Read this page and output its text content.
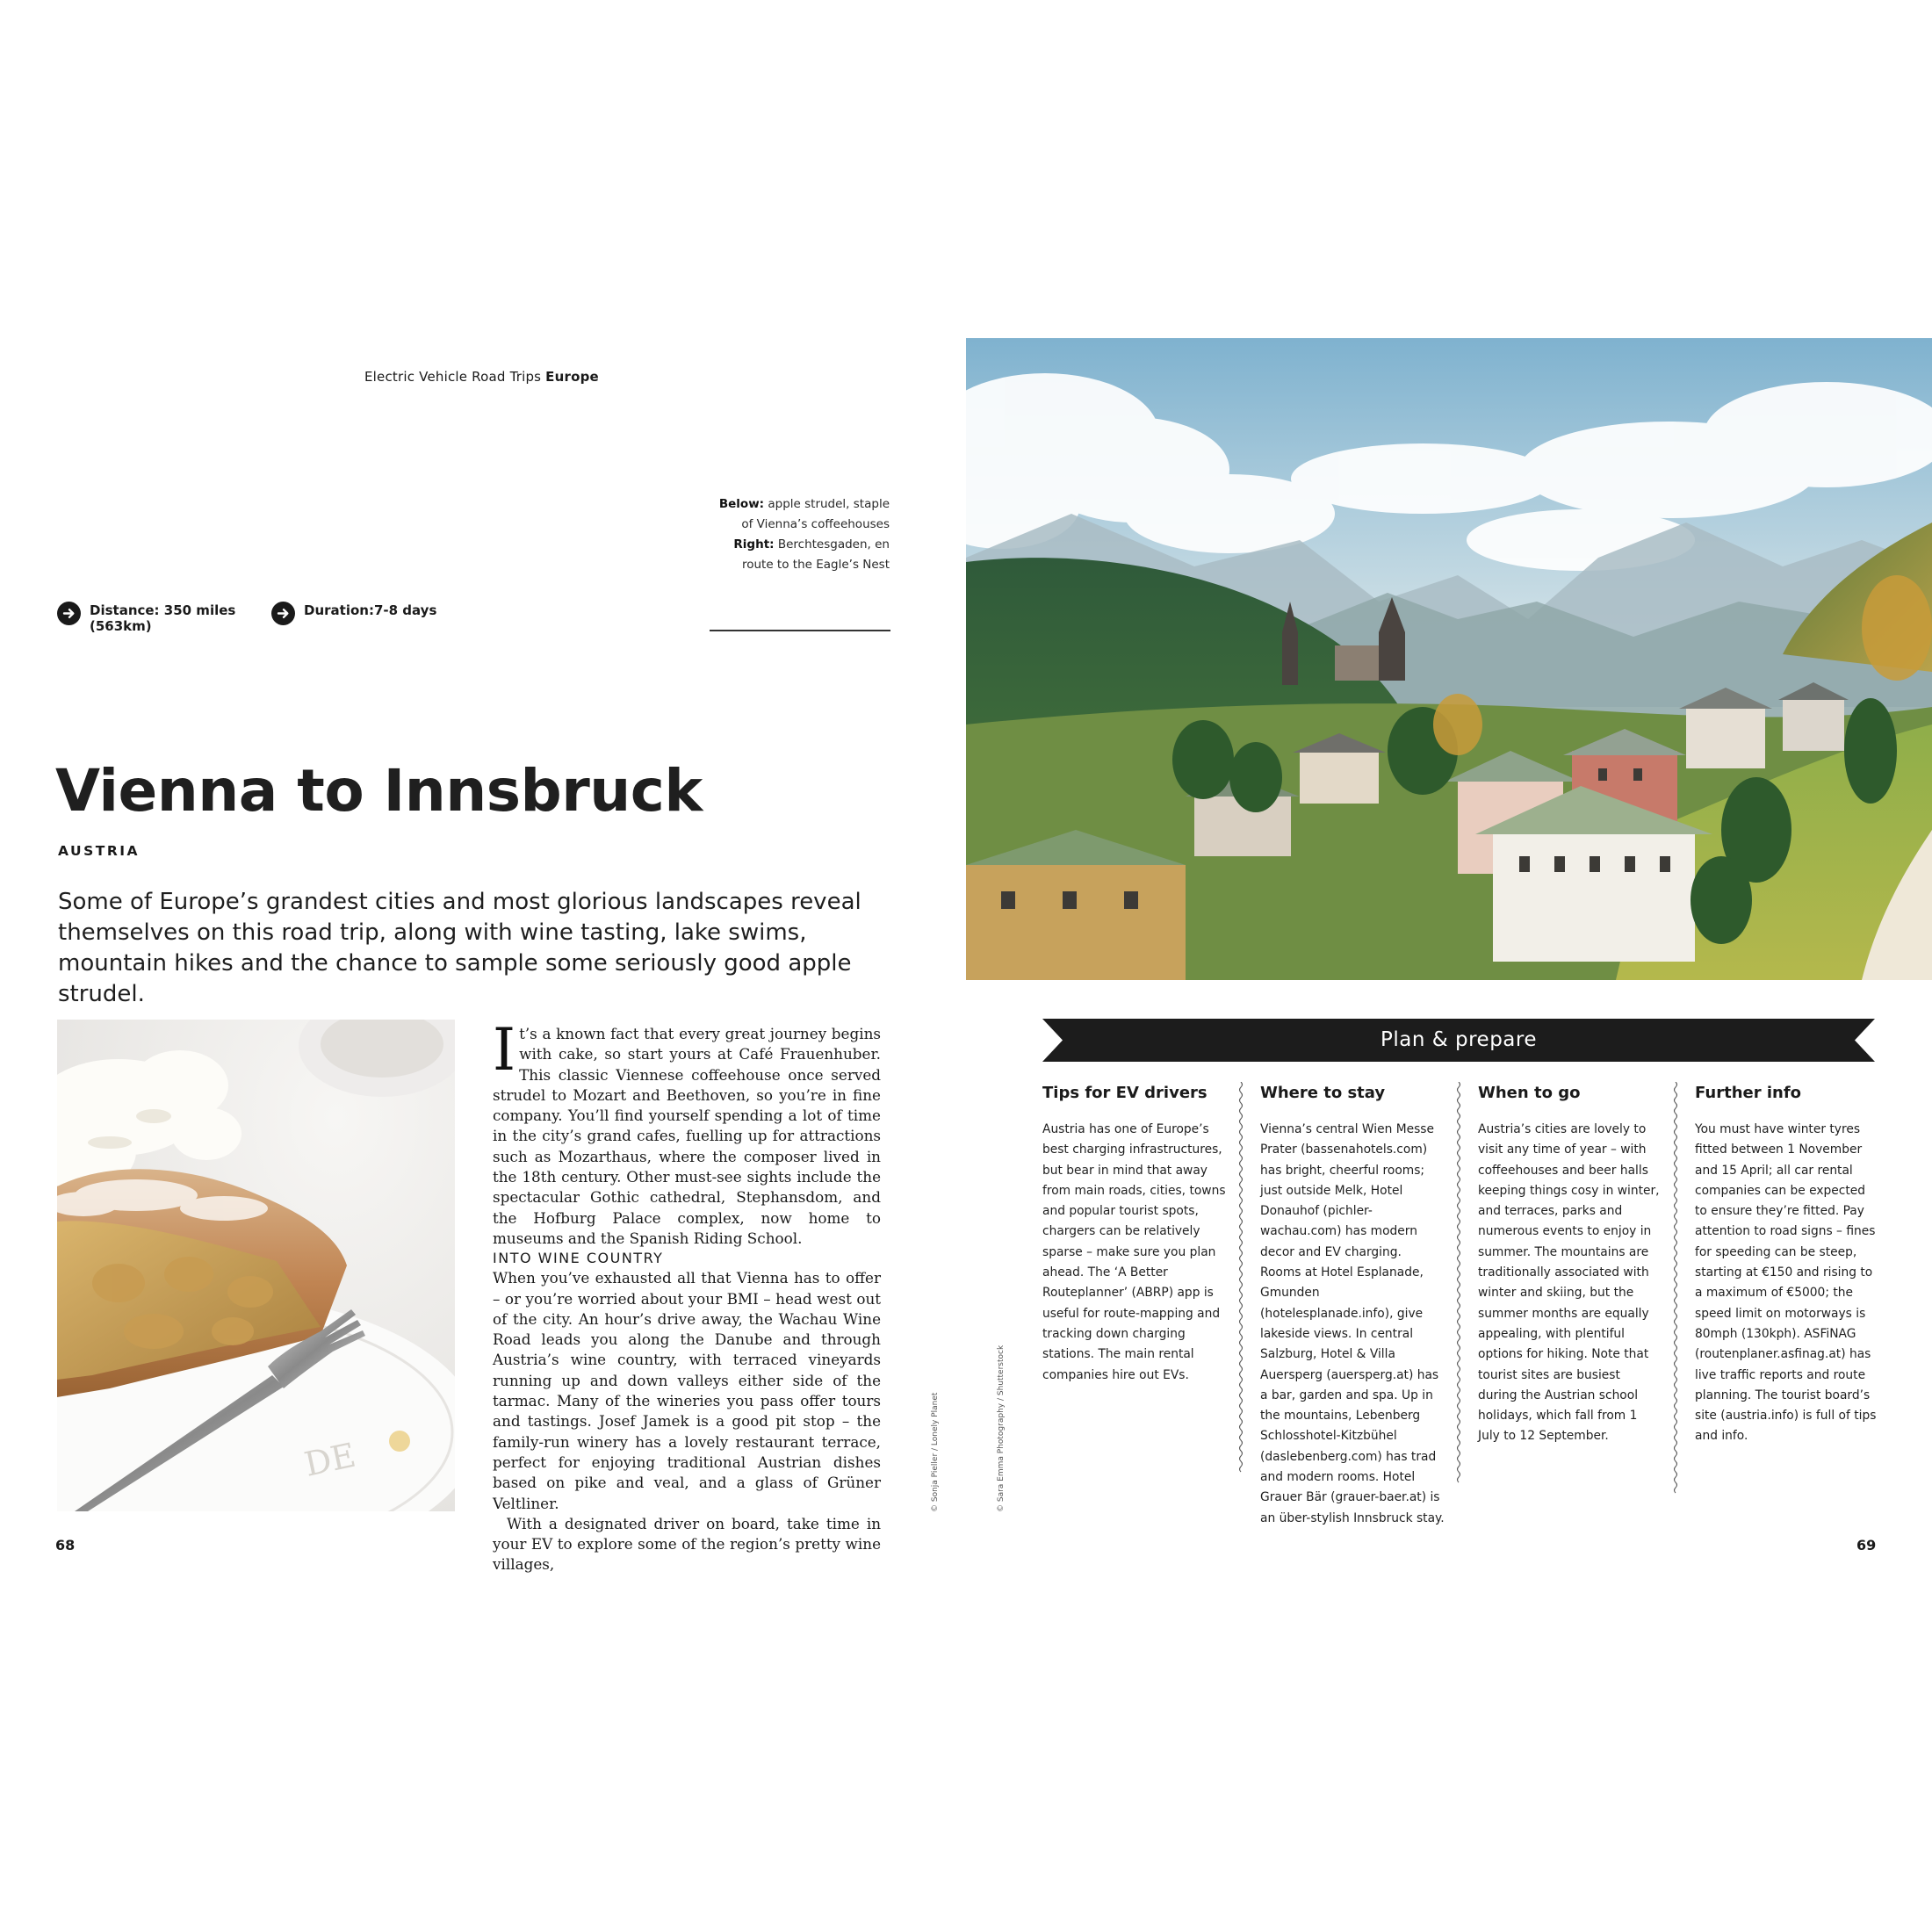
Electric Vehicle Road Trips Europe
Below: apple strudel, staple of Vienna’s coffeehouses
Right: Berchtesgaden, en route to the Eagle’s Nest
Distance: 350 miles (563km)
Duration:7-8 days
Vienna to Innsbruck
AUSTRIA

Some of Europe’s grandest cities and most glorious landscapes reveal themselves on this road trip, along with wine tasting, lake swims, mountain hikes and the chance to sample some seriously good apple strudel.

DE

It’s a known fact that every great journey begins with cake, so start yours at Café Frauenhuber. This classic Viennese coffeehouse once served strudel to Mozart and Beethoven, so you’re in fine company. You’ll find yourself spending a lot of time in the city’s grand cafes, fuelling up for attractions such as Mozarthaus, where the composer lived in the 18th century. Other must-see sights include the spectacular Gothic cathedral, Stephansdom, and the Hofburg Palace complex, now home to museums and the Spanish Riding School.

INTO WINE COUNTRY

When you’ve exhausted all that Vienna has to offer – or you’re worried about your BMI – head west out of the city. An hour’s drive away, the Wachau Wine Road leads you along the Danube and through Austria’s wine country, with terraced vineyards running up and down valleys either side of the tarmac. Many of the wineries you pass offer tours and tastings. Josef Jamek is a good pit stop – the family-run winery has a lovely restaurant terrace, perfect for enjoying traditional Austrian dishes based on pike and veal, and a glass of Grüner Veltliner.

With a designated driver on board, take time in your EV to explore some of the region’s pretty wine villages,

© Sonja Pieller / Lonely Planet	© Sara Emma Photography / Shutterstock
68
Plan & prepare
Tips for EV drivers

Austria has one of Europe’s best charging infrastructures, but bear in mind that away from main roads, cities, towns and popular tourist spots, chargers can be relatively sparse – make sure you plan ahead. The ‘A Better Routeplanner’ (ABRP) app is useful for route-mapping and tracking down charging stations. The main rental companies hire out EVs.

Where to stay

Vienna’s central Wien Messe Prater (bassenahotels.com) has bright, cheerful rooms; just outside Melk, Hotel Donauhof (pichler-wachau.com) has modern decor and EV charging. Rooms at Hotel Esplanade, Gmunden (hotelesplanade.info), give lakeside views. In central Salzburg, Hotel & Villa Auersperg (auersperg.at) has a bar, garden and spa. Up in the mountains, Lebenberg Schlosshotel-Kitzbühel (daslebenberg.com) has trad and modern rooms. Hotel Grauer Bär (grauer-baer.at) is an über-stylish Innsbruck stay.

When to go

Austria’s cities are lovely to visit any time of year – with coffeehouses and beer halls keeping things cosy in winter, and terraces, parks and numerous events to enjoy in summer. The mountains are traditionally associated with winter and skiing, but the summer months are equally appealing, with plentiful options for hiking. Note that tourist sites are busiest during the Austrian school holidays, which fall from 1 July to 12 September.

Further info

You must have winter tyres fitted between 1 November and 15 April; all car rental companies can be expected to ensure they’re fitted. Pay attention to road signs – fines for speeding can be steep, starting at €150 and rising to a maximum of €5000; the speed limit on motorways is 80mph (130kph). ASFiNAG (routenplaner.asfinag.at) has live traffic reports and route planning. The tourist board’s site (austria.info) is full of tips and info.

69
